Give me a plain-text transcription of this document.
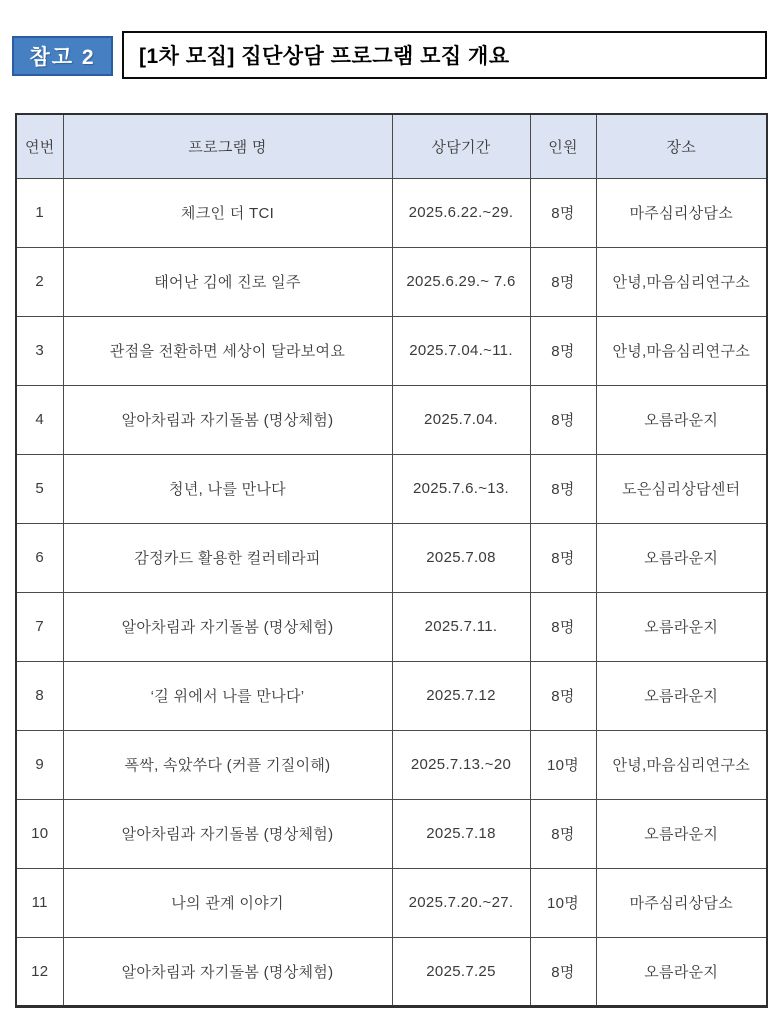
참고 2 [1차 모집] 집단상담 프로그램 모집 개요
연번	프로그램 명	상담기간	인원	장소
1	체크인 더 TCI	2025.6.22.~29.	8명	마주심리상담소
2	태어난 김에 진로 일주	2025.6.29.~ 7.6	8명	안녕,마음심리연구소
3	관점을 전환하면 세상이 달라보여요	2025.7.04.~11.	8명	안녕,마음심리연구소
4	알아차림과 자기돌봄 (명상체험)	2025.7.04.	8명	오름라운지
5	청년, 나를 만나다	2025.7.6.~13.	8명	도은심리상담센터
6	감정카드 활용한 컬러테라피	2025.7.08	8명	오름라운지
7	알아차림과 자기돌봄 (명상체험)	2025.7.11.	8명	오름라운지
8	‘길 위에서 나를 만나다’	2025.7.12	8명	오름라운지
9	폭싹, 속았쑤다 (커플 기질이해)	2025.7.13.~20	10명	안녕,마음심리연구소
10	알아차림과 자기돌봄 (명상체험)	2025.7.18	8명	오름라운지
11	나의 관계 이야기	2025.7.20.~27.	10명	마주심리상담소
12	알아차림과 자기돌봄 (명상체험)	2025.7.25	8명	오름라운지
